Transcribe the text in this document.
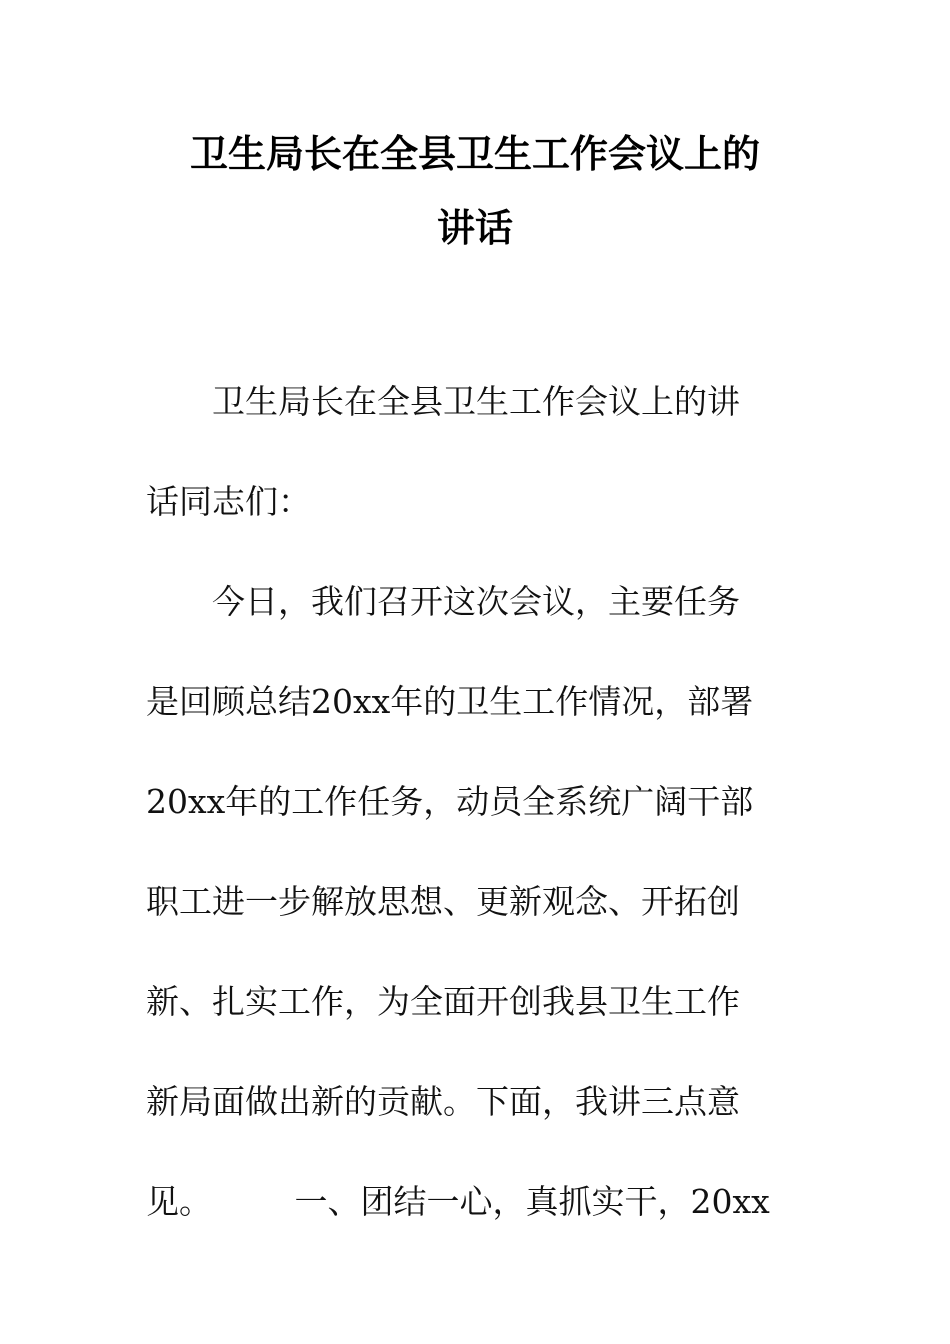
卫生局长在全县卫生工作会议上的
讲话
　　卫生局长在全县卫生工作会议上的讲
话同志们：
　　今日，我们召开这次会议，主要任务
是回顾总结20xx年的卫生工作情况，部署
20xx年的工作任务，动员全系统广阔干部
职工进一步解放思想、更新观念、开拓创
新、扎实工作，为全面开创我县卫生工作
新局面做出新的贡献。下面，我讲三点意
见。　　　一、团结一心，真抓实干，20xx
